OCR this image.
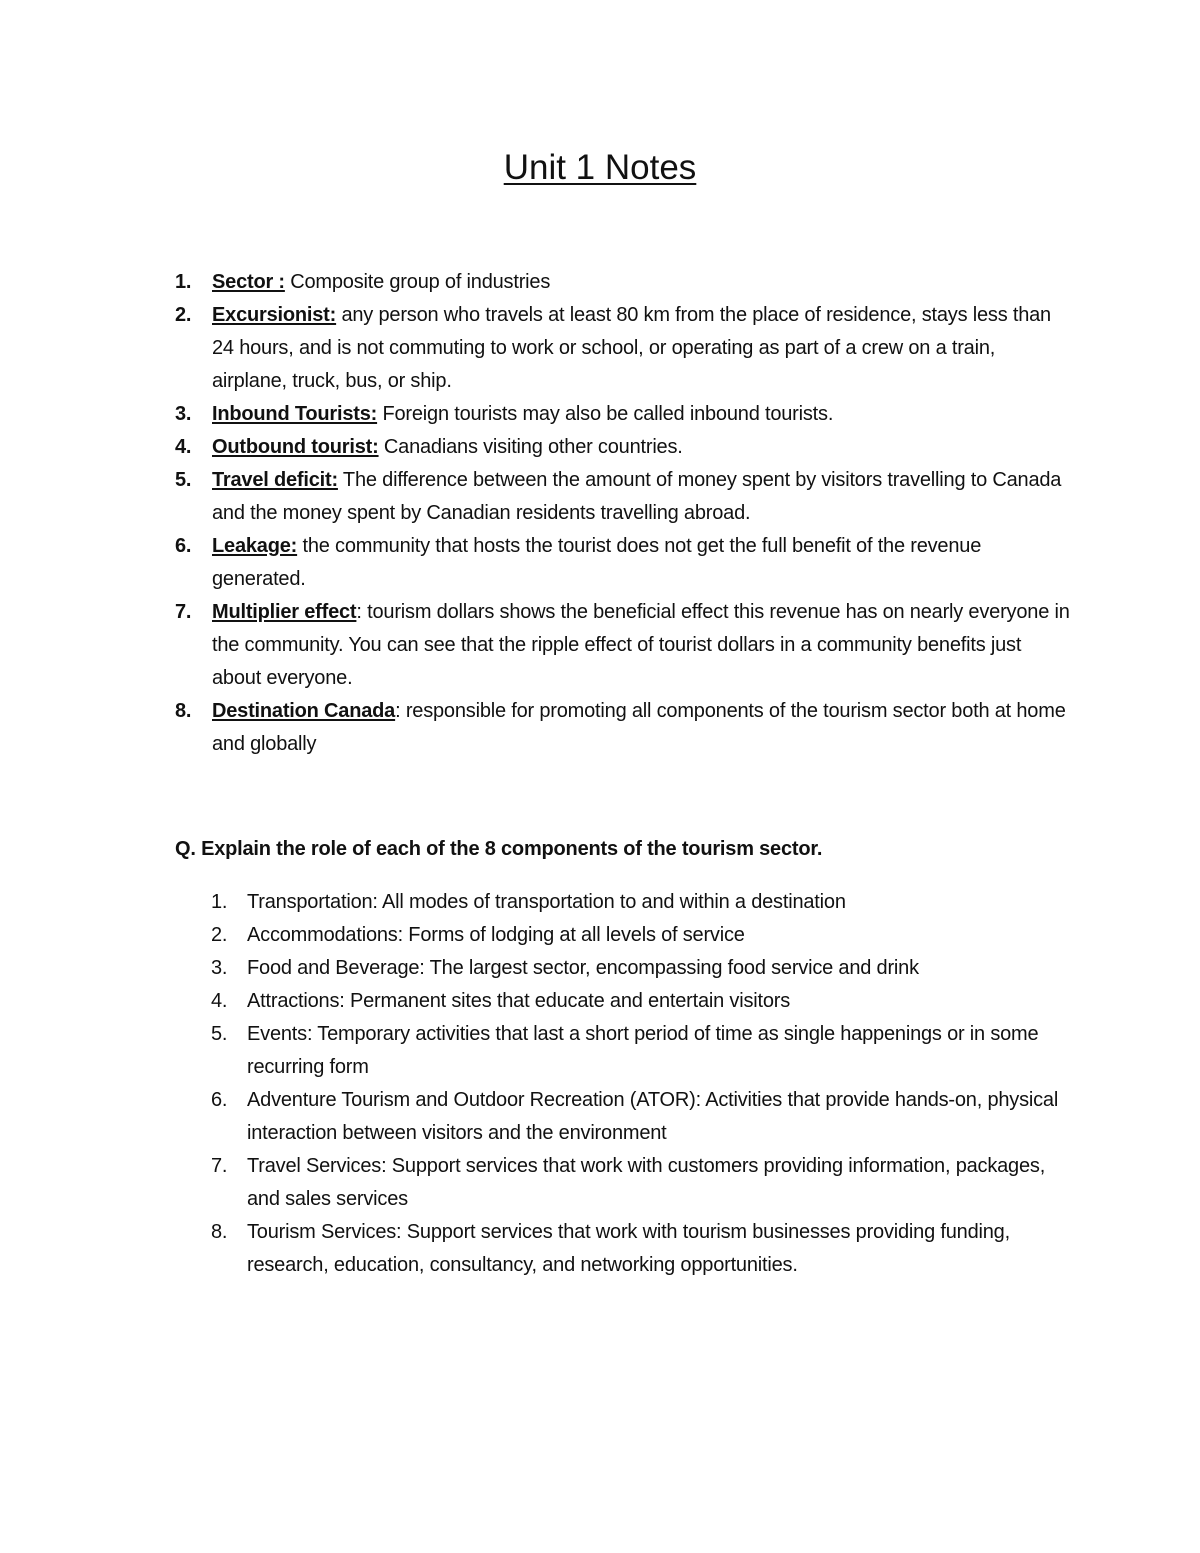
Unit 1 Notes
1. Sector : Composite group of industries
2. Excursionist: any person who travels at least 80 km from the place of residence, stays less than 24 hours, and is not commuting to work or school, or operating as part of a crew on a train, airplane, truck, bus, or ship.
3. Inbound Tourists: Foreign tourists may also be called inbound tourists.
4. Outbound tourist: Canadians visiting other countries.
5. Travel deficit: The difference between the amount of money spent by visitors travelling to Canada and the money spent by Canadian residents travelling abroad.
6. Leakage: the community that hosts the tourist does not get the full benefit of the revenue generated.
7. Multiplier effect: tourism dollars shows the beneficial effect this revenue has on nearly everyone in the community. You can see that the ripple effect of tourist dollars in a community benefits just about everyone.
8. Destination Canada: responsible for promoting all components of the tourism sector both at home and globally

Q. Explain the role of each of the 8 components of the tourism sector.

1. Transportation: All modes of transportation to and within a destination
2. Accommodations: Forms of lodging at all levels of service
3. Food and Beverage: The largest sector, encompassing food service and drink
4. Attractions: Permanent sites that educate and entertain visitors
5. Events: Temporary activities that last a short period of time as single happenings or in some recurring form
6. Adventure Tourism and Outdoor Recreation (ATOR): Activities that provide hands-on, physical interaction between visitors and the environment
7. Travel Services: Support services that work with customers providing information, packages, and sales services
8. Tourism Services: Support services that work with tourism businesses providing funding, research, education, consultancy, and networking opportunities.
